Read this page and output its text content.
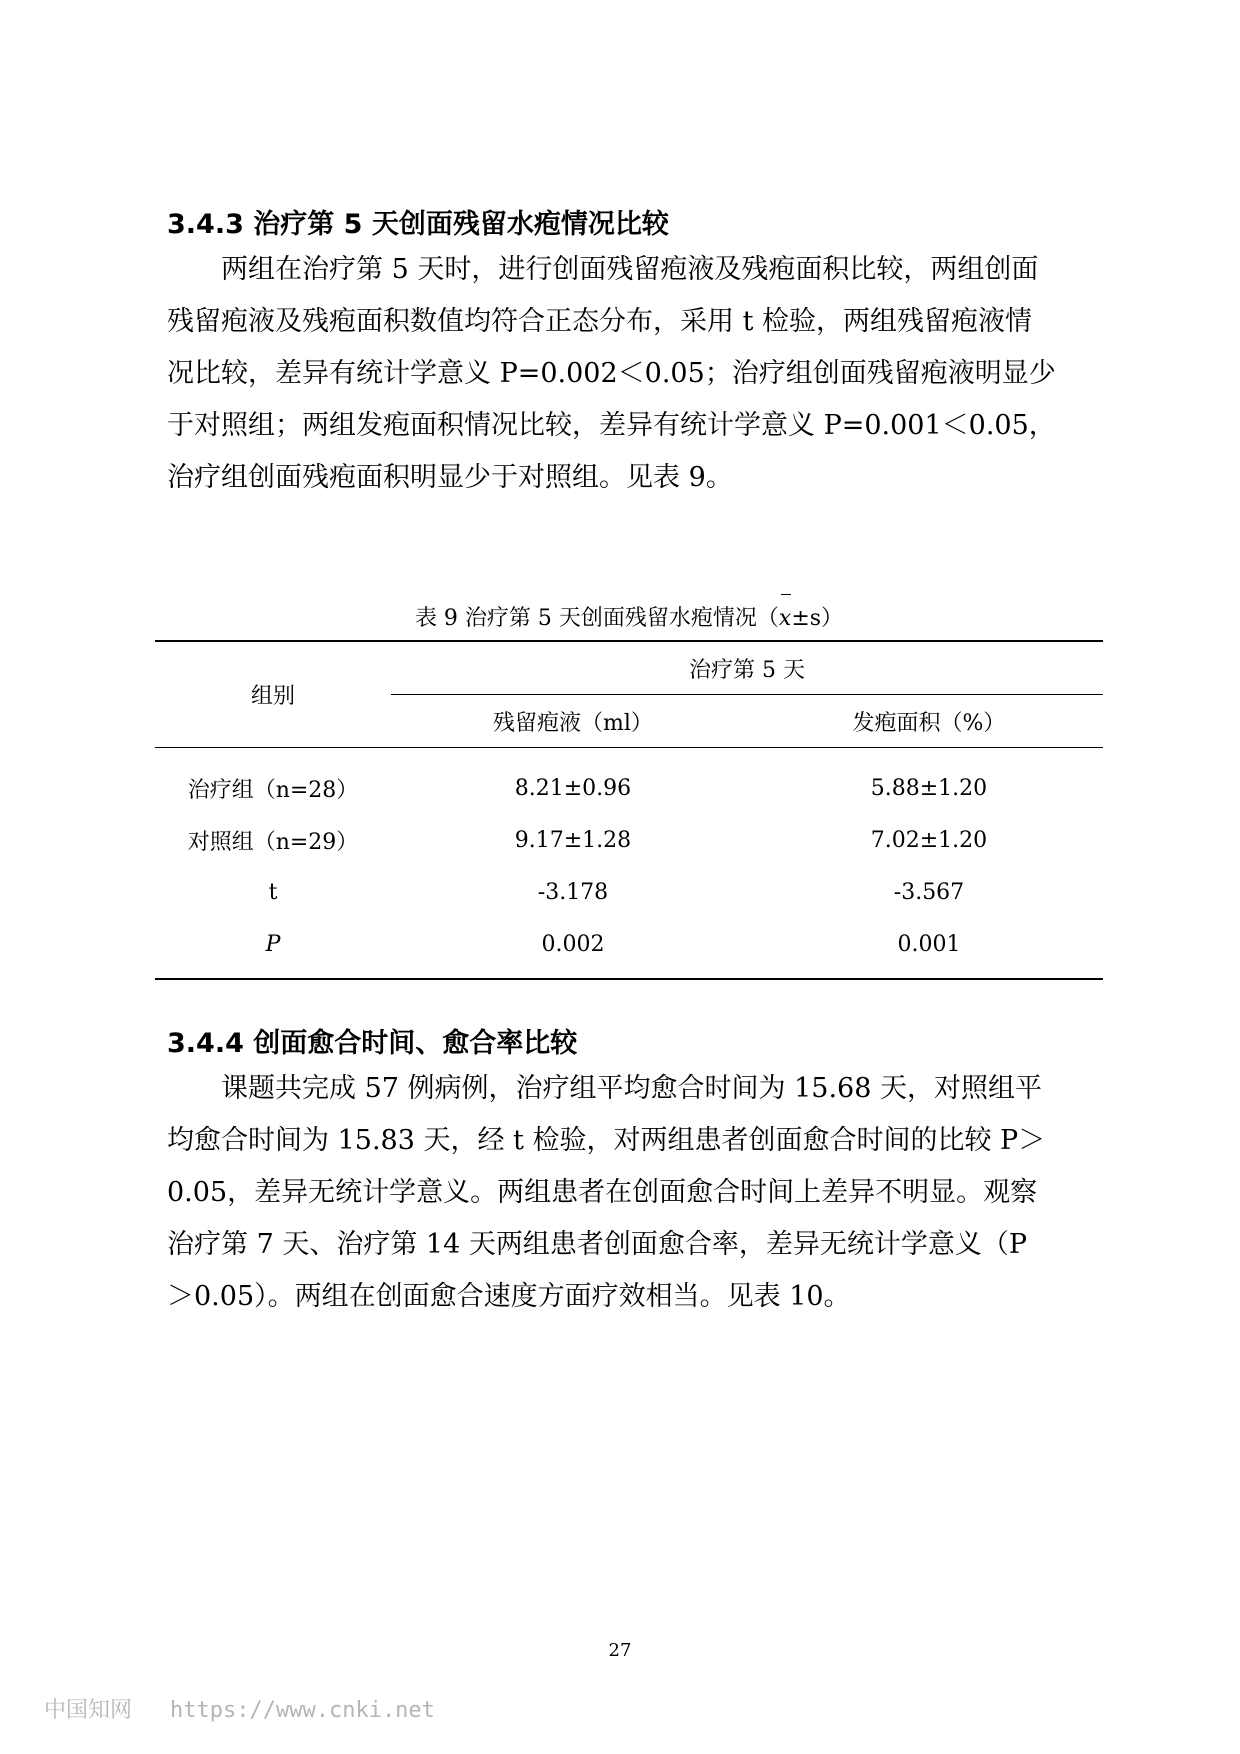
3.4.3 治疗第 5 天创面残留水疱情况比较
两组在治疗第 5 天时，进行创面残留疱液及残疱面积比较，两组创面
残留疱液及残疱面积数值均符合正态分布，采用 t 检验，两组残留疱液情
况比较，差异有统计学意义 P=0.002＜0.05；治疗组创面残留疱液明显少
于对照组；两组发疱面积情况比较，差异有统计学意义 P=0.001＜0.05，
治疗组创面残疱面积明显少于对照组。见表 9。
表 9 治疗第 5 天创面残留水疱情况（x±s）
组别	治疗第 5 天	
	残留疱液（ml）	发疱面积（%）
治疗组（n=28）	8.21±0.96	5.88±1.20
对照组（n=29）	9.17±1.28	7.02±1.20
t	-3.178	-3.567
P	0.002	0.001
3.4.4 创面愈合时间、愈合率比较
课题共完成 57 例病例，治疗组平均愈合时间为 15.68 天，对照组平
均愈合时间为 15.83 天，经 t 检验，对两组患者创面愈合时间的比较 P＞
0.05，差异无统计学意义。两组患者在创面愈合时间上差异不明显。观察
治疗第 7 天、治疗第 14 天两组患者创面愈合率，差异无统计学意义（P
＞0.05）。两组在创面愈合速度方面疗效相当。见表 10。
27
中国知网 https://www.cnki.net
